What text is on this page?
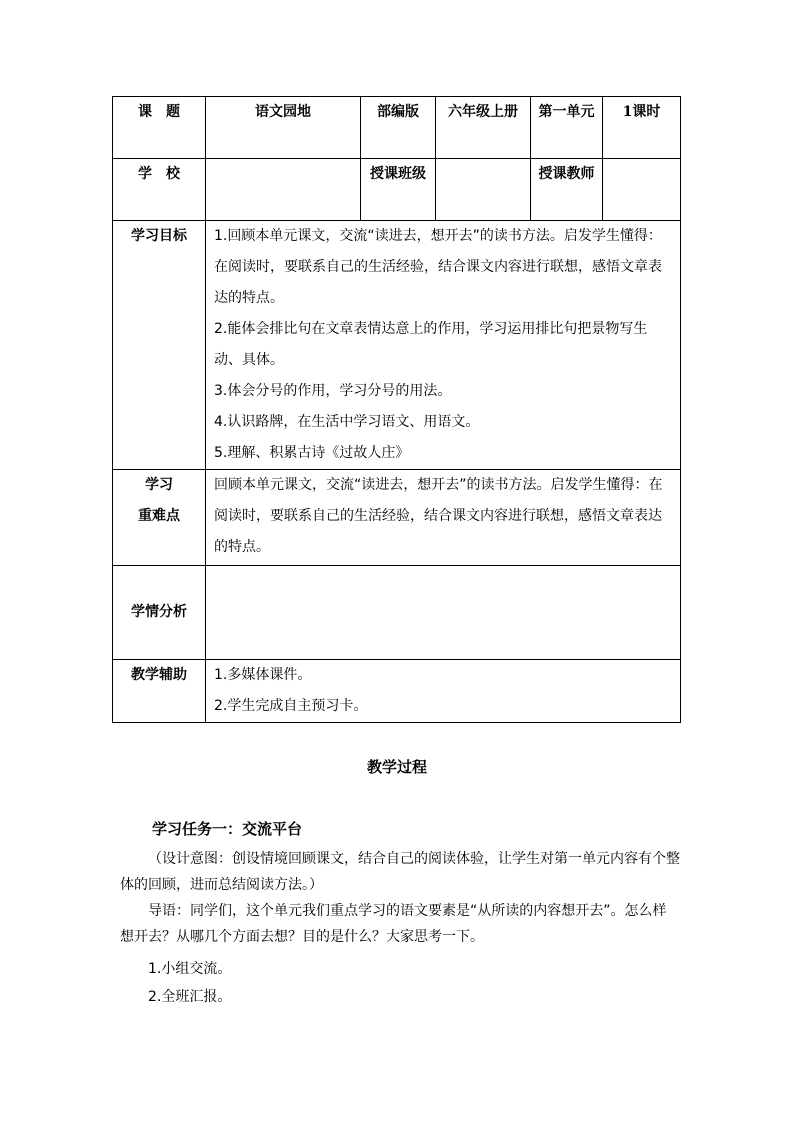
课　题	语文园地	部编版	六年级上册	第一单元	1课时
学　校		授课班级		授课教师	
学习目标	1.回顾本单元课文，交流“读进去，想开去”的读书方法。启发学生懂得：在阅读时，要联系自己的生活经验，结合课文内容进行联想，感悟文章表达的特点。

2.能体会排比句在文章表情达意上的作用，学习运用排比句把景物写生动、具体。

3.体会分号的作用，学习分号的用法。

4.认识路牌，在生活中学习语文、用语文。

5.理解、积累古诗《过故人庄》				

学习
重难点	回顾本单元课文，交流“读进去，想开去”的读书方法。启发学生懂得：在阅读时，要联系自己的生活经验，结合课文内容进行联想，感悟文章表达的特点。				
学情分析					
教学辅助	1.多媒体课件。

2.学生完成自主预习卡。				

教学过程
学习任务一：交流平台

（设计意图：创设情境回顾课文，结合自己的阅读体验，让学生对第一单元内容有个整体的回顾，进而总结阅读方法。）

导语：同学们，这个单元我们重点学习的语文要素是“从所读的内容想开去”。怎么样想开去？从哪几个方面去想？目的是什么？大家思考一下。

1.小组交流。
2.全班汇报。
